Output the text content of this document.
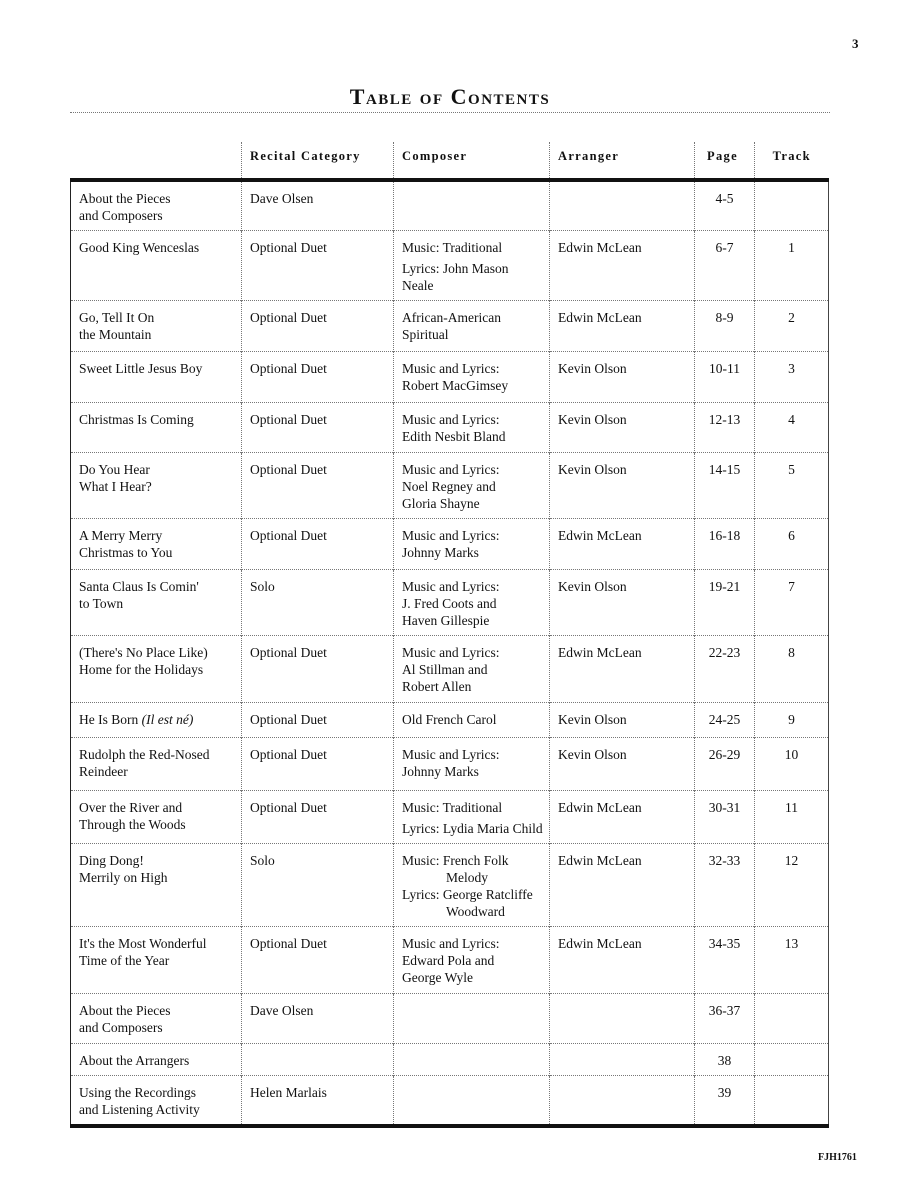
3
Table of Contents
	Recital Category	Composer	Arranger	Page	Track

About the Pieces
and Composers	Dave Olsen			4-5	

Good King Wenceslas	Optional Duet	Music: Traditional
Lyrics: John Mason Neale	Edwin McLean	6-7	1

Go, Tell It On
the Mountain	Optional Duet	African-American
Spiritual	Edwin McLean	8-9	2

Sweet Little Jesus Boy	Optional Duet	Music and Lyrics:
Robert MacGimsey	Kevin Olson	10-11	3

Christmas Is Coming	Optional Duet	Music and Lyrics:
Edith Nesbit Bland	Kevin Olson	12-13	4

Do You Hear
What I Hear?	Optional Duet	Music and Lyrics:
Noel Regney and
Gloria Shayne	Kevin Olson	14-15	5

A Merry Merry
Christmas to You	Optional Duet	Music and Lyrics:
Johnny Marks	Edwin McLean	16-18	6

Santa Claus Is Comin'
to Town	Solo	Music and Lyrics:
J. Fred Coots and
Haven Gillespie	Kevin Olson	19-21	7

(There's No Place Like)
Home for the Holidays	Optional Duet	Music and Lyrics:
Al Stillman and
Robert Allen	Edwin McLean	22-23	8

He Is Born (Il est né)	Optional Duet	Old French Carol	Kevin Olson	24-25	9

Rudolph the Red-Nosed
Reindeer	Optional Duet	Music and Lyrics:
Johnny Marks	Kevin Olson	26-29	10

Over the River and
Through the Woods	Optional Duet	Music: Traditional
Lyrics: Lydia Maria Child	Edwin McLean	30-31	11

Ding Dong!
Merrily on High	Solo	Music: French Folk
Melody
Lyrics: George Ratcliffe
Woodward	Edwin McLean	32-33	12

It's the Most Wonderful
Time of the Year	Optional Duet	Music and Lyrics:
Edward Pola and
George Wyle	Edwin McLean	34-35	13

About the Pieces
and Composers	Dave Olsen			36-37	

About the Arrangers				38	

Using the Recordings
and Listening Activity	Helen Marlais			39	
FJH1761
